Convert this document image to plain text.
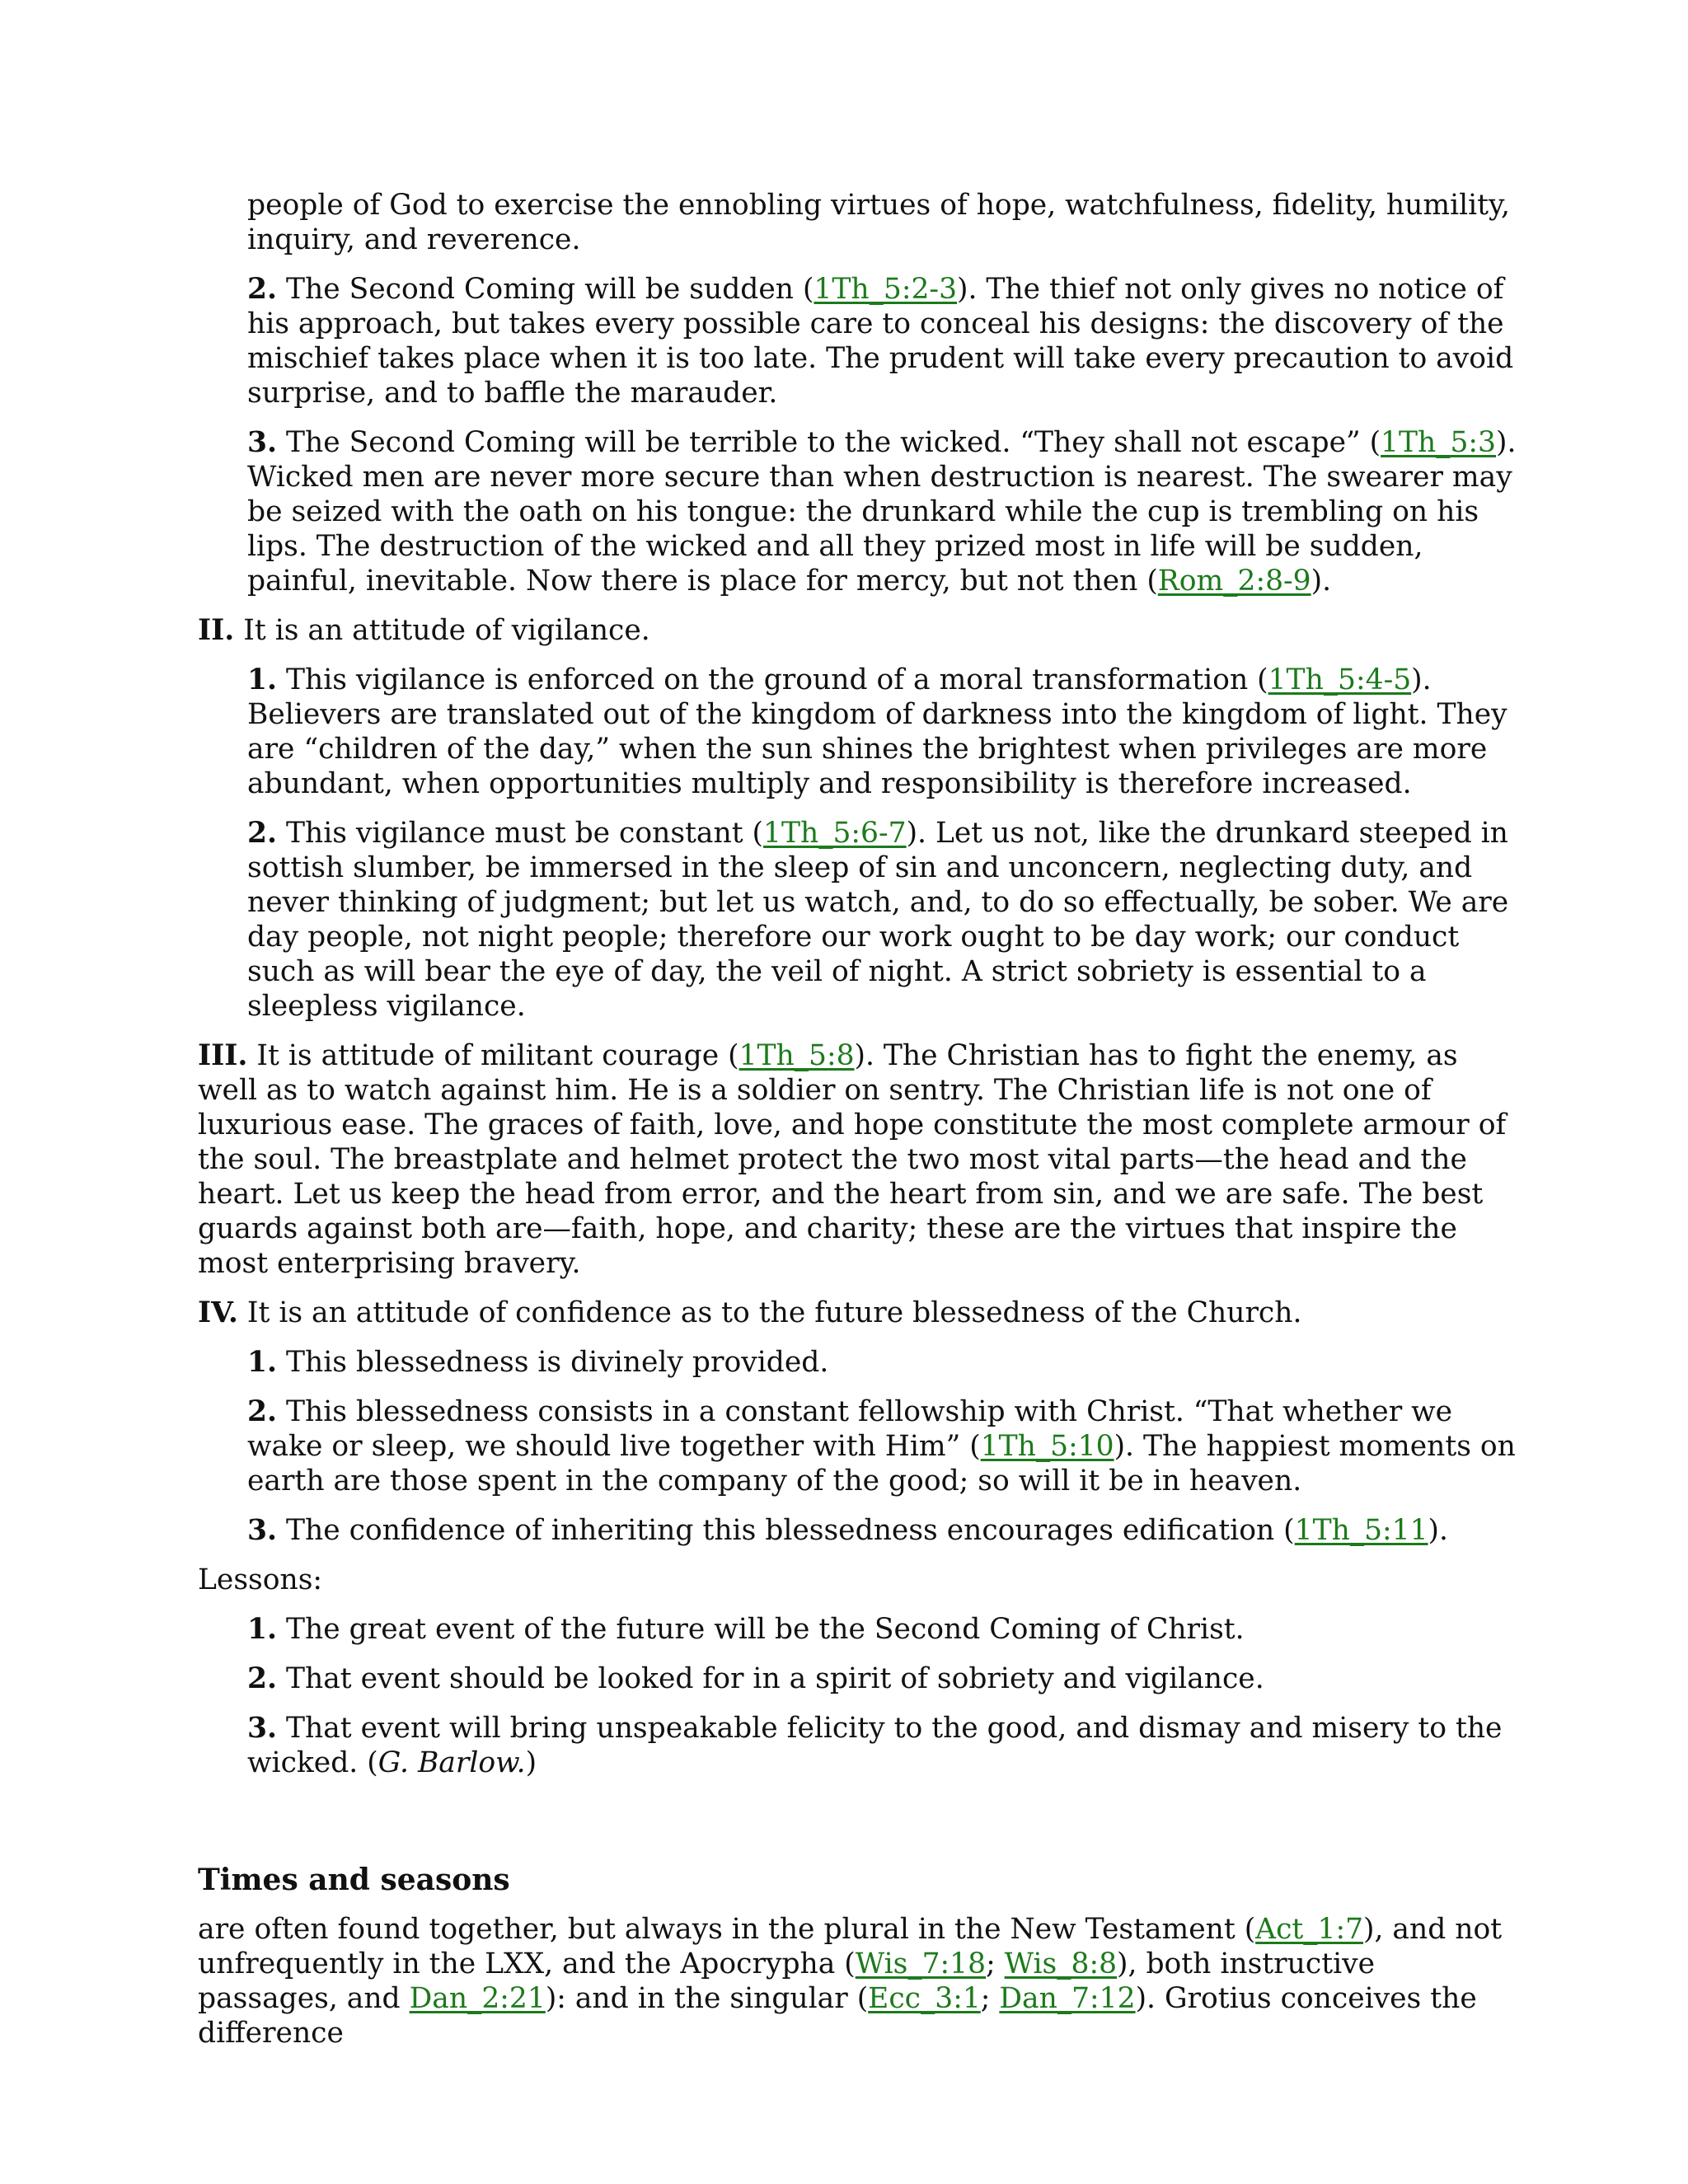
people of God to exercise the ennobling virtues of hope, watchfulness, fidelity, humility, inquiry, and reverence.

2. The Second Coming will be sudden (1Th_5:2-3). The thief not only gives no notice of his approach, but takes every possible care to conceal his designs: the discovery of the mischief takes place when it is too late. The prudent will take every precaution to avoid surprise, and to baffle the marauder.

3. The Second Coming will be terrible to the wicked. “They shall not escape” (1Th_5:3). Wicked men are never more secure than when destruction is nearest. The swearer may be seized with the oath on his tongue: the drunkard while the cup is trembling on his lips. The destruction of the wicked and all they prized most in life will be sudden, painful, inevitable. Now there is place for mercy, but not then (Rom_2:8-9).

II. It is an attitude of vigilance.

1. This vigilance is enforced on the ground of a moral transformation (1Th_5:4-5). Believers are translated out of the kingdom of darkness into the kingdom of light. They are “children of the day,” when the sun shines the brightest when privileges are more abundant, when opportunities multiply and responsibility is therefore increased.

2. This vigilance must be constant (1Th_5:6-7). Let us not, like the drunkard steeped in sottish slumber, be immersed in the sleep of sin and unconcern, neglecting duty, and never thinking of judgment; but let us watch, and, to do so effectually, be sober. We are day people, not night people; therefore our work ought to be day work; our conduct such as will bear the eye of day, the veil of night. A strict sobriety is essential to a sleepless vigilance.

III. It is attitude of militant courage (1Th_5:8). The Christian has to fight the enemy, as well as to watch against him. He is a soldier on sentry. The Christian life is not one of luxurious ease. The graces of faith, love, and hope constitute the most complete armour of the soul. The breastplate and helmet protect the two most vital parts—the head and the heart. Let us keep the head from error, and the heart from sin, and we are safe. The best guards against both are—faith, hope, and charity; these are the virtues that inspire the most enterprising bravery.

IV. It is an attitude of confidence as to the future blessedness of the Church.

1. This blessedness is divinely provided.

2. This blessedness consists in a constant fellowship with Christ. “That whether we wake or sleep, we should live together with Him” (1Th_5:10). The happiest moments on earth are those spent in the company of the good; so will it be in heaven.

3. The confidence of inheriting this blessedness encourages edification (1Th_5:11).

Lessons:

1. The great event of the future will be the Second Coming of Christ.

2. That event should be looked for in a spirit of sobriety and vigilance.

3. That event will bring unspeakable felicity to the good, and dismay and misery to the wicked. (G. Barlow.)

Times and seasons

are often found together, but always in the plural in the New Testament (Act_1:7), and not unfrequently in the LXX, and the Apocrypha (Wis_7:18; Wis_8:8), both instructive passages, and Dan_2:21): and in the singular (Ecc_3:1; Dan_7:12). Grotius conceives the difference
